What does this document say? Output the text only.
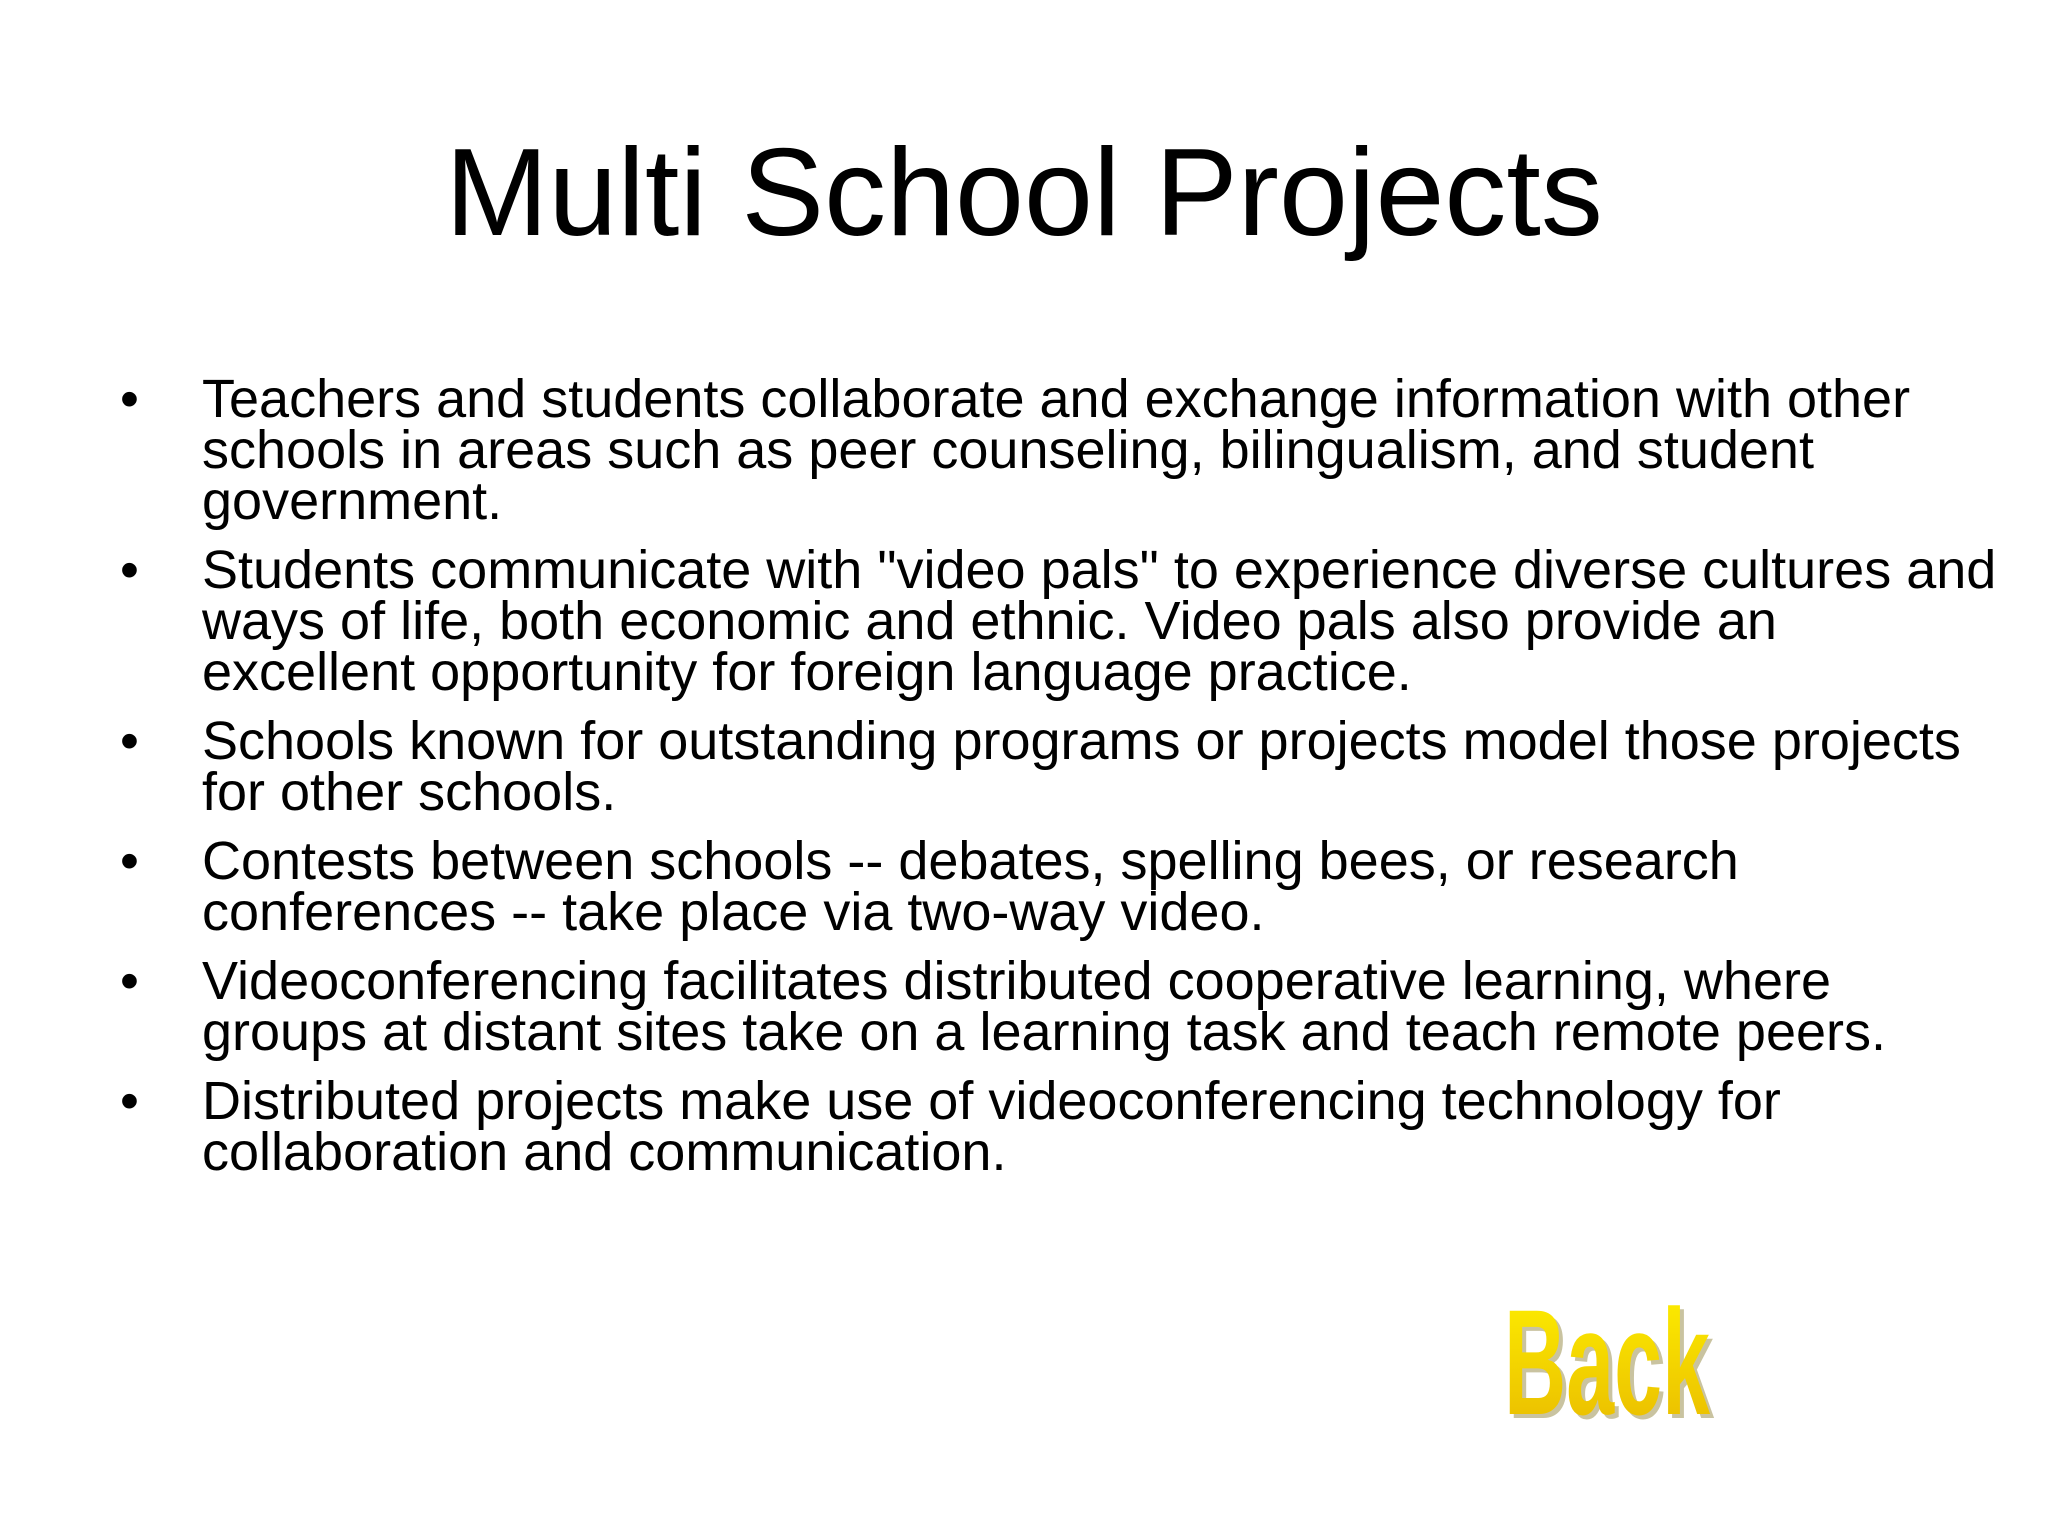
Multi School Projects
• Teachers and students collaborate and exchange information with other schools in areas such as peer counseling, bilingualism, and student government.
• Students communicate with "video pals" to experience diverse cultures and ways of life, both economic and ethnic. Video pals also provide an excellent opportunity for foreign language practice.
• Schools known for outstanding programs or projects model those projects for other schools.
• Contests between schools -- debates, spelling bees, or research conferences -- take place via two-way video.
• Videoconferencing facilitates distributed cooperative learning, where groups at distant sites take on a learning task and teach remote peers.
• Distributed projects make use of videoconferencing technology for collaboration and communication.
Back
Back
